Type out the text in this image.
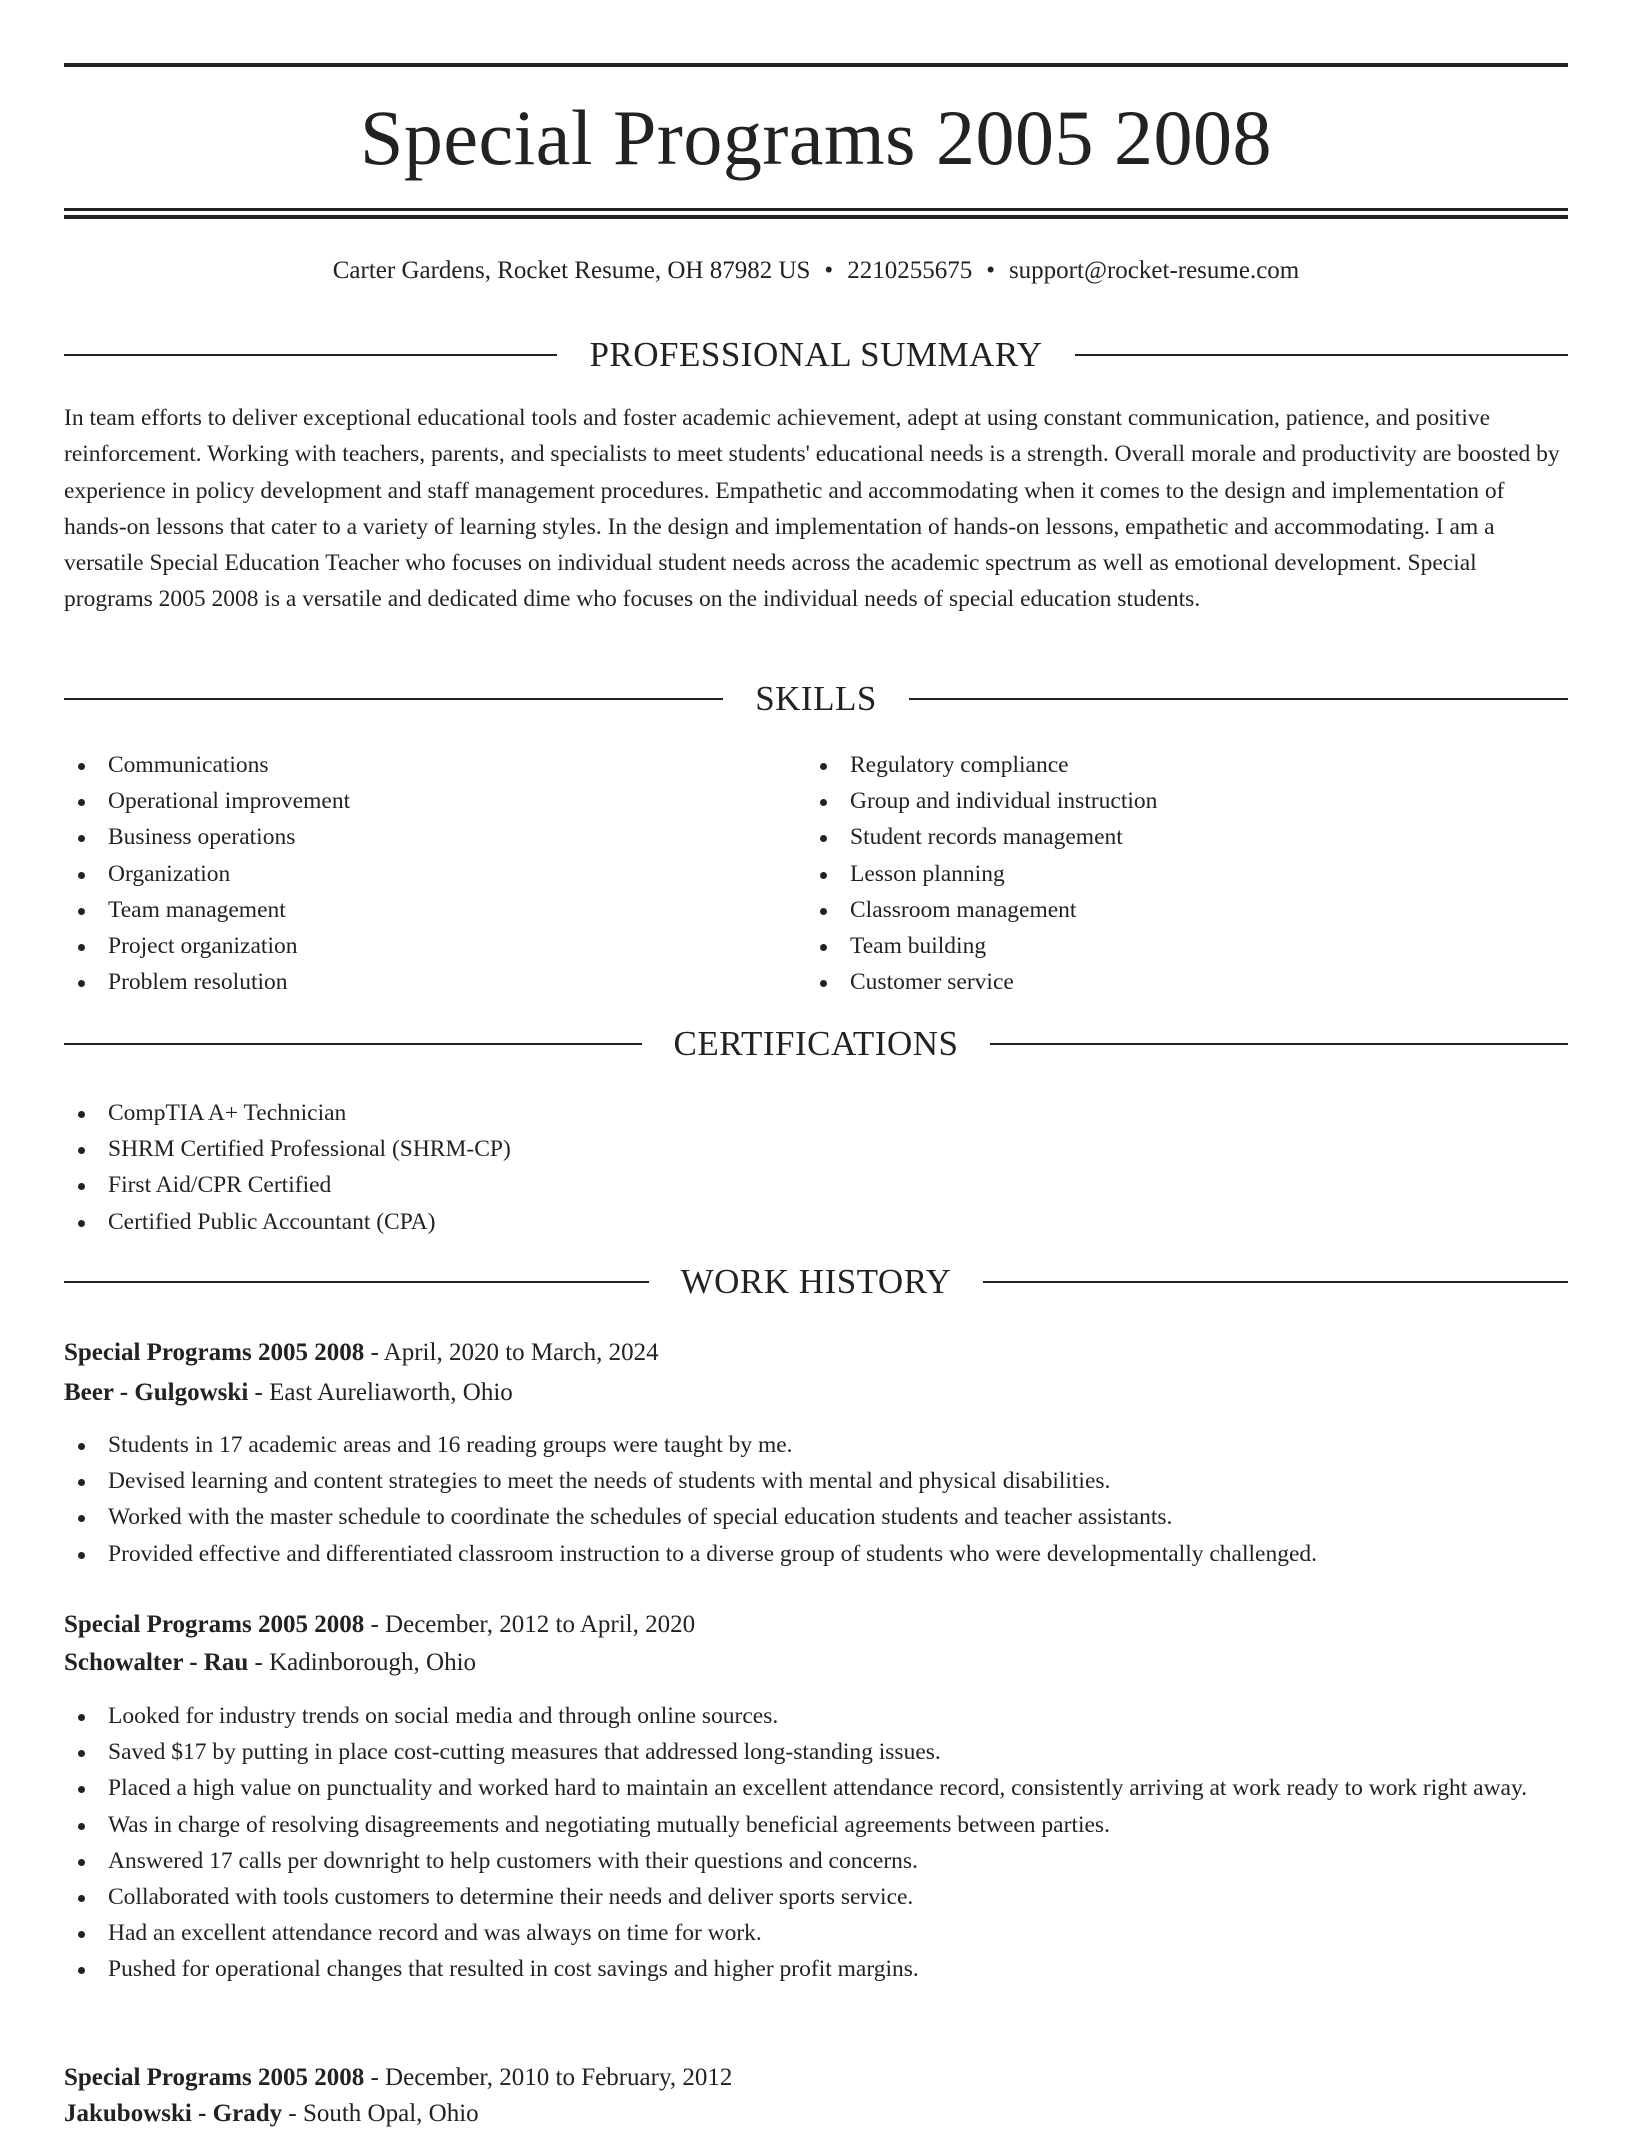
Special Programs 2005 2008
Carter Gardens, Rocket Resume, OH 87982 US • 2210255675 • support@rocket-resume.com
PROFESSIONAL SUMMARY
In team efforts to deliver exceptional educational tools and foster academic achievement, adept at using constant communication, patience, and positive reinforcement. Working with teachers, parents, and specialists to meet students' educational needs is a strength. Overall morale and productivity are boosted by experience in policy development and staff management procedures. Empathetic and accommodating when it comes to the design and implementation of hands-on lessons that cater to a variety of learning styles. In the design and implementation of hands-on lessons, empathetic and accommodating. I am a versatile Special Education Teacher who focuses on individual student needs across the academic spectrum as well as emotional development. Special programs 2005 2008 is a versatile and dedicated dime who focuses on the individual needs of special education students.
SKILLS
Communications
Operational improvement
Business operations
Organization
Team management
Project organization
Problem resolution
Regulatory compliance
Group and individual instruction
Student records management
Lesson planning
Classroom management
Team building
Customer service
CERTIFICATIONS
CompTIA A+ Technician
SHRM Certified Professional (SHRM-CP)
First Aid/CPR Certified
Certified Public Accountant (CPA)
WORK HISTORY
Special Programs 2005 2008 - April, 2020 to March, 2024
Beer - Gulgowski - East Aureliaworth, Ohio
Students in 17 academic areas and 16 reading groups were taught by me.
Devised learning and content strategies to meet the needs of students with mental and physical disabilities.
Worked with the master schedule to coordinate the schedules of special education students and teacher assistants.
Provided effective and differentiated classroom instruction to a diverse group of students who were developmentally challenged.
Special Programs 2005 2008 - December, 2012 to April, 2020
Schowalter - Rau - Kadinborough, Ohio
Looked for industry trends on social media and through online sources.
Saved $17 by putting in place cost-cutting measures that addressed long-standing issues.
Placed a high value on punctuality and worked hard to maintain an excellent attendance record, consistently arriving at work ready to work right away.
Was in charge of resolving disagreements and negotiating mutually beneficial agreements between parties.
Answered 17 calls per downright to help customers with their questions and concerns.
Collaborated with tools customers to determine their needs and deliver sports service.
Had an excellent attendance record and was always on time for work.
Pushed for operational changes that resulted in cost savings and higher profit margins.
Special Programs 2005 2008 - December, 2010 to February, 2012
Jakubowski - Grady - South Opal, Ohio
